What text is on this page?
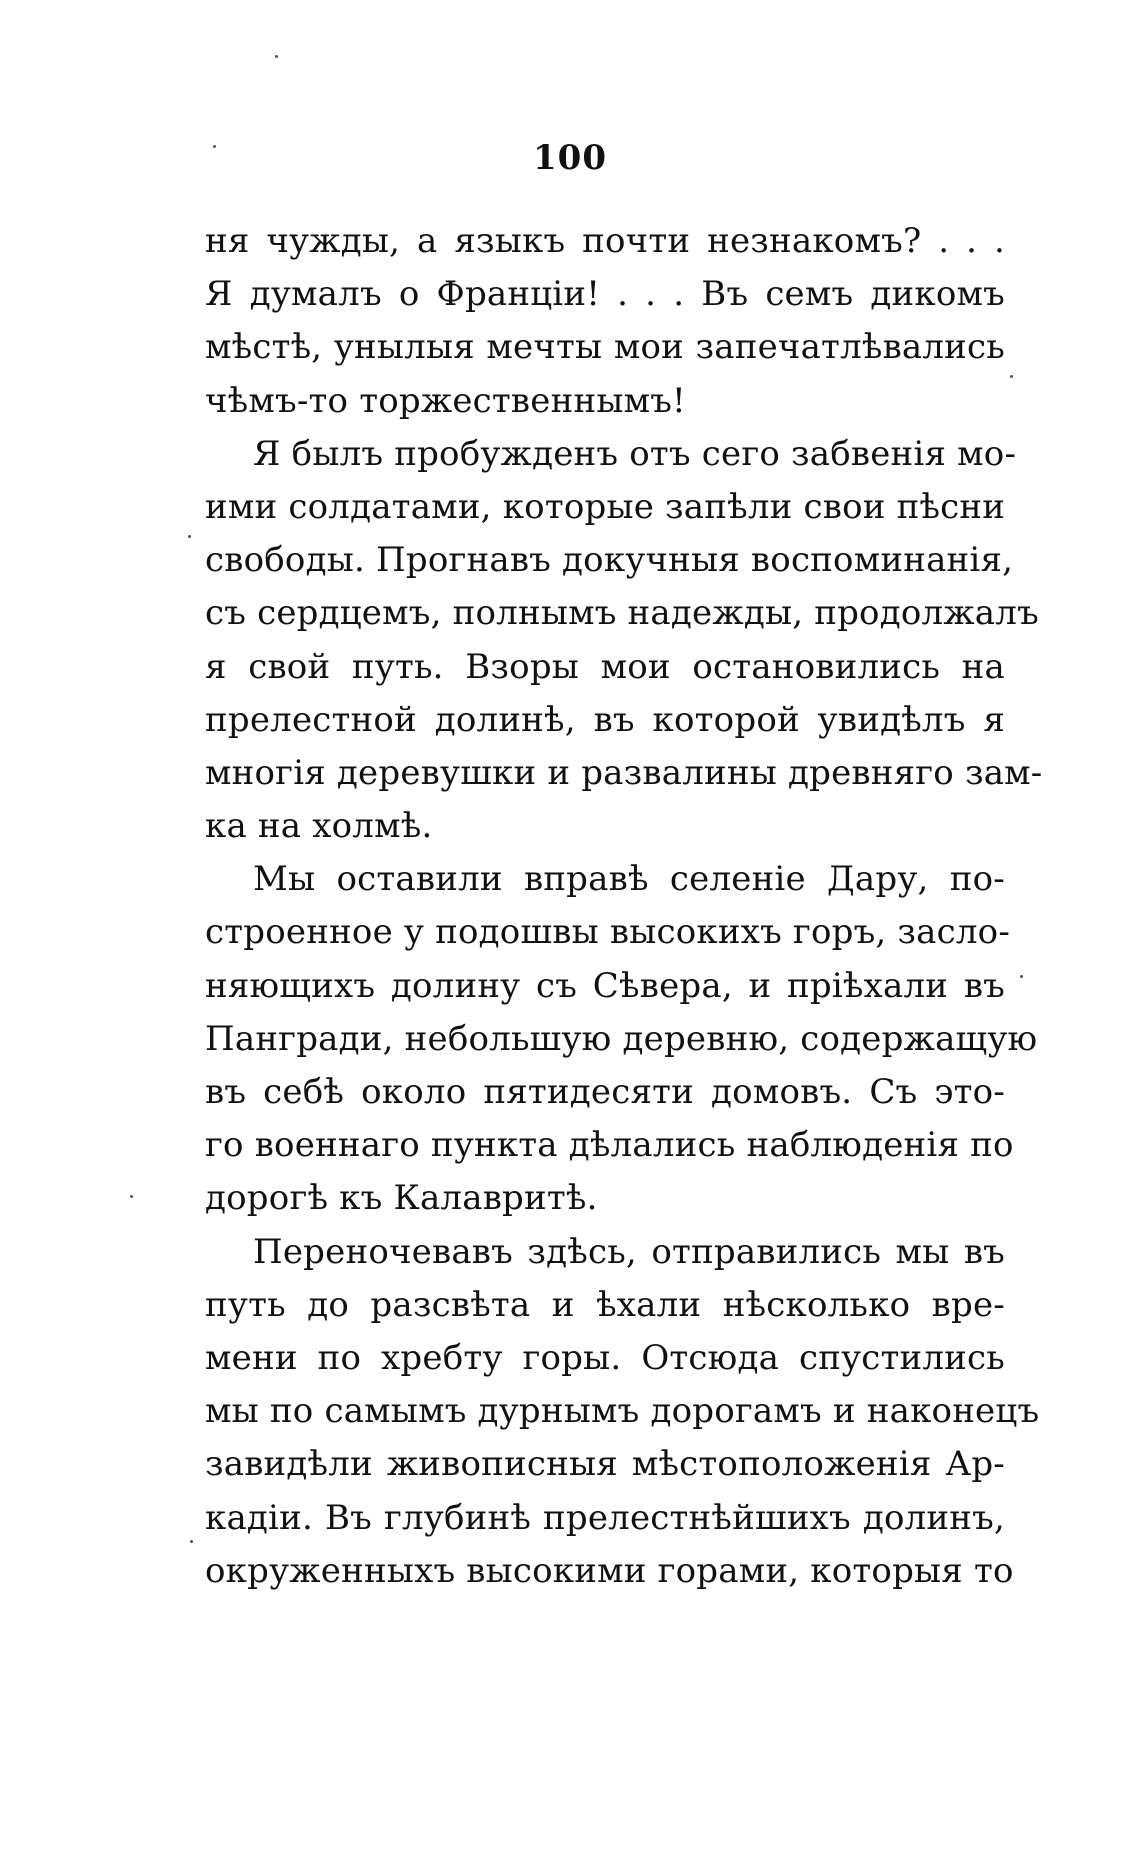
100
ня чужды, а языкъ почти незнакомъ? . . .
Я думалъ о Франціи! . . . Въ семъ дикомъ
мѣстѣ, унылыя мечты мои запечатлѣвались
чѣмъ-то торжественнымъ!
Я былъ пробужденъ отъ сего забвенія мо-
ими солдатами, которые запѣли свои пѣсни
свободы. Прогнавъ докучныя воспоминанія,
съ сердцемъ, полнымъ надежды, продолжалъ
я свой путь. Взоры мои остановились на
прелестной долинѣ, въ которой увидѣлъ я
многія деревушки и развалины древняго зам-
ка на холмѣ.
Мы оставили вправѣ селеніе Дару, по-
строенное у подошвы высокихъ горъ, засло-
няющихъ долину съ Сѣвера, и пріѣхали въ
Пангради, небольшую деревню, содержащую
въ себѣ около пятидесяти домовъ. Съ это-
го военнаго пункта дѣлались наблюденія по
дорогѣ къ Калавритѣ.
Переночевавъ здѣсь, отправились мы въ
путь до разсвѣта и ѣхали нѣсколько вре-
мени по хребту горы. Отсюда спустились
мы по самымъ дурнымъ дорогамъ и наконецъ
завидѣли живописныя мѣстоположенія Ар-
кадіи. Въ глубинѣ прелестнѣйшихъ долинъ,
окруженныхъ высокими горами, которыя то
